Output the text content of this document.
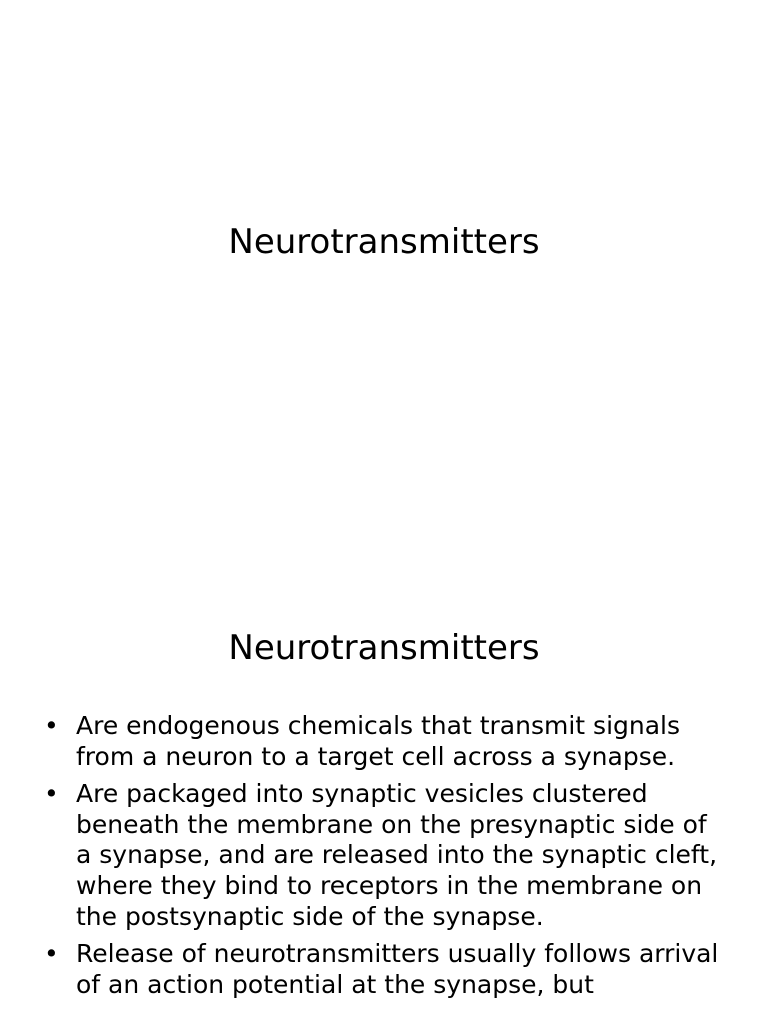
Neurotransmitters
Neurotransmitters
• Are endogenous chemicals that transmit signals from a neuron to a target cell across a synapse.
• Are packaged into synaptic vesicles clustered beneath the membrane on the presynaptic side of a synapse, and are released into the synaptic cleft, where they bind to receptors in the membrane on the postsynaptic side of the synapse.
• Release of neurotransmitters usually follows arrival of an action potential at the synapse, but
